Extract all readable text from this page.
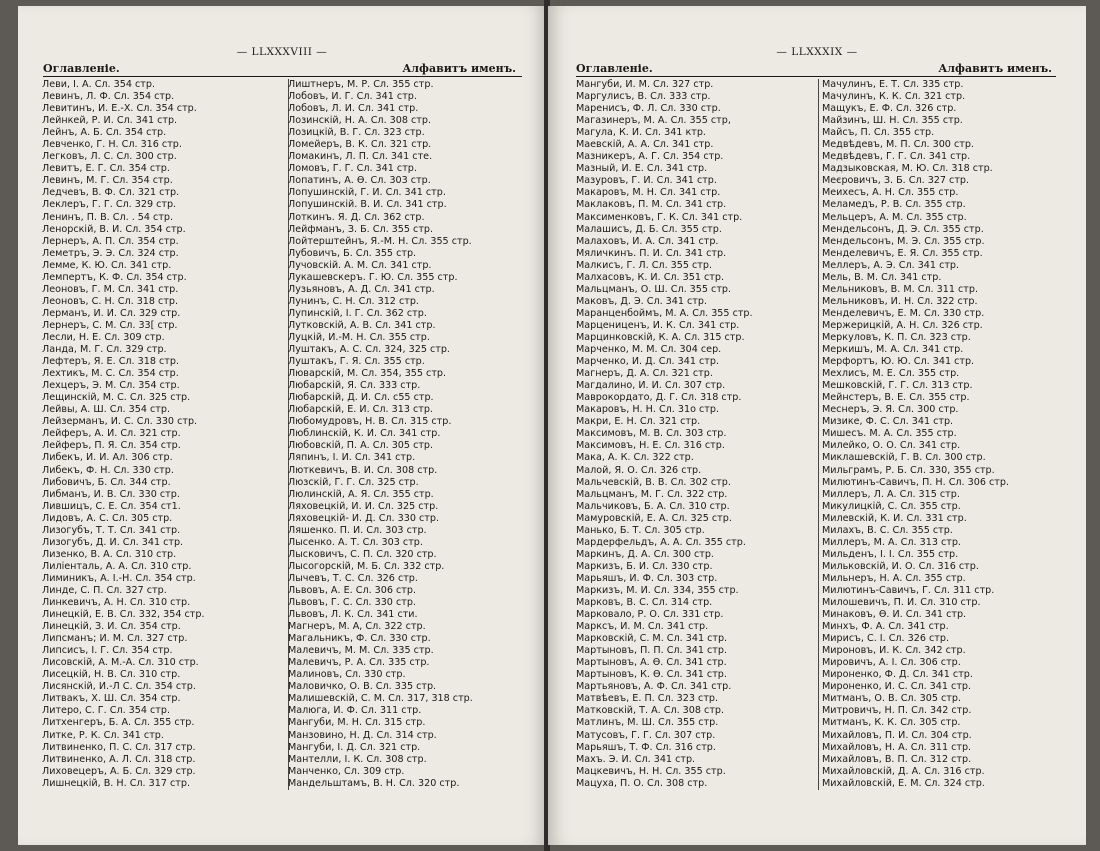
— LLXXXVIII —
Оглавленіе.	Алфавитъ именъ.
Леви, І. А. Сл. 354 стр.
Левинъ, Л. Ф. Сл. 354 стр.
Левитинъ, И. Е.-Х. Сл. 354 стр.
Лейнкей, Р. И. Сл. 341 стр.
Лейнъ, А. Б. Сл. 354 стр.
Левченко, Г. Н. Сл. 316 стр.
Легковъ, Л. С. Сл. 300 стр.
Левитъ, Е. Г. Сл. 354 стр.
Левинъ, М. Г. Сл. 354 стр.
Ледчевъ, В. Ф. Сл. 321 стр.
Леклеръ, Г. Г. Сл. 329 стр.
Ленинъ, П. В. Сл. . 54 стр.
Ленорскій, В. И. Сл. 354 стр.
Лернеръ, А. П. Сл. 354 стр.
Леметръ, Э. Э. Сл. 324 стр.
Лемме, К. Ю. Сл. 341 стр.
Лемпертъ, К. Ф. Сл. 354 стр.
Леоновъ, Г. М. Сл. 341 стр.
Леоновъ, С. Н. Сл. 318 стр.
Лерманъ, И. И. Сл. 329 стр.
Лернеръ, С. М. Сл. 33[ стр.
Лесли, Н. Е. Сл. 309 стр.
Ланда, М. Г. Сл. 329 стр.
Лефтеръ, Я. Е. Сл. 318 стр.
Лехтикъ, М. С. Сл. 354 стр.
Лехцеръ, Э. М. Сл. 354 стр.
Лещинскій, М. С. Сл. 325 стр.
Лейвы, А. Ш. Сл. 354 стр.
Лейзерманъ, И. С. Сл. 330 стр.
Лейферъ, А. И. Сл. 321 стр.
Лейферъ, П. Я. Сл. 354 стр.
Либекъ, И. И. Ал. 306 стр.
Либекъ, Ф. Н. Сл. 330 стр.
Либовичъ, Б. Сл. 344 стр.
Либманъ, И. В. Сл. 330 стр.
Лившицъ, С. Е. Сл. 354 ст1.
Лидовъ, А. С. Сл. 305 стр.
Лизогубъ, Т. Т. Сл. 341 стр.
Лизогубъ, Д. И. Сл. 341 стр.
Лизенко, В. А. Сл. 310 стр.
Лиліенталь, А. А. Сл. 310 стр.
Лиминикъ, А. І.-Н. Сл. 354 стр.
Линде, С. П. Сл. 327 стр.
Линкевичъ, А. Н. Сл. 310 стр.
Линецкій, Е. В. Сл. 332, 354 стр.
Линецкій, З. И. Сл. 354 стр.
Липсманъ; И. М. Сл. 327 стр.
Липсисъ, І. Г. Сл. 354 стр.
Лисовскій, А. М.-А. Сл. 310 стр.
Лисецкій, Н. В. Сл. 310 стр.
Лисянскій, И.-Л С. Сл. 354 стр.
Литвакъ, Х. Ш. Сл. 354 стр.
Литеро, С. Г. Сл. 354 стр.
Литхенгеръ, Б. А. Сл. 355 стр.
Литке, Р. К. Сл. 341 стр.
Литвиненко, П. С. Сл. 317 стр.
Литвиненко, А. Л. Сл. 318 стр.
Лиховецеръ, А. Б. Сл. 329 стр.
Лишнецкій, В. Н. Сл. 317 стр.
Лиштнеръ, М. Р. Сл. 355 стр.
Лобовъ, И. Г. Сл. 341 стр.
Лобовъ, Л. И. Сл. 341 стр.
Лозинскій, Н. А. Сл. 308 стр.
Лозицкій, В. Г. Сл. 323 стр.
Ломейеръ, В. К. Сл. 321 стр.
Ломакинъ, Л. П. Сл. 341 сте.
Ломовъ, Г. Г. Сл. 341 стр.
Лопатинъ, А. Ѳ. Сл. 303 стр.
Лопушинскій, Г. И. Сл. 341 стр.
Лопушинскій. В. И. Сл. 341 стр.
Лоткинъ. Я. Д. Сл. 362 стр.
Лейфманъ, З. Б. Сл. 355 стр.
Лойтерштейнъ, Я.-М. Н. Сл. 355 стр.
Лубовичъ, Б. Сл. 355 стр.
Лучовскій. А. М. Сл. 341 стр.
Лукашевскеръ. Г. Ю. Сл. 355 стр.
Лузьяновъ, А. Д. Сл. 341 стр.
Лунинъ, С. Н. Сл. 312 стр.
Лупинскій, І. Г. Сл. 362 стр.
Лутковскій, А. В. Сл. 341 стр.
Луцкій, И.-М. Н. Сл. 355 стр.
Луштакъ, А. С. Сл. 324, 325 стр.
Луштакъ, Г. Я. Сл. 355 стр.
Люварскій, М. Сл. 354, 355 стр.
Любарскій, Я. Сл. 333 стр.
Любарскій, Д. И. Сл. с55 стр.
Любарскій, Е. И. Сл. 313 стр.
Любомудровъ, Н. В. Сл. 315 стр.
Люблинскій, К. И. Сл. 341 стр.
Любовскій, П. А. Сл. 305 стр.
Ляпинъ, І. И. Сл. 341 стр.
Люткевичъ, В. И. Сл. 308 стр.
Люзскій, Г. Г. Сл. 325 стр.
Люлинскій, А. Я. Сл. 355 стр.
Ляховецкій, И. И. Сл. 325 стр.
Ляховецкій- И. Д. Сл. 330 стр.
Ляшенко. П. И. Сл. 303 стр.
Лысенко. А. Т. Сл. 303 стр.
Лысковичъ, С. П. Сл. 320 стр.
Лысогорскій, М. Б. Сл. 332 стр.
Лычевъ, Т. С. Сл. 326 стр.
Львовъ, А. Е. Сл. 306 стр.
Львовъ, Г. С. Сл. 330 стр.
Львовъ, Л. К. Сл. 341 сти.
Магнеръ, М. А, Сл. 322 стр.
Магальникъ, Ф. Сл. 330 стр.
Малевичъ, М. М. Сл. 335 стр.
Малевичъ, Р. А. Сл. 335 стр.
Малиновъ, Сл. 330 стр.
Маловичко, О. В. Сл. 335 стр.
Малишевскій, С. М. Сл. 317, 318 стр.
Малюга, И. Ф. Сл. 311 стр.
Мангуби, М. Н. Сл. 315 стр.
Манзовино, Н. Д. Сл. 314 стр.
Мангуби, І. Д. Сл. 321 стр.
Мантелли, І. К. Сл. 308 стр.
Манченко, Сл. 309 стр.
Мандельштамъ, В. Н. Сл. 320 стр.
— LLXXXIX —
Оглавленіе.	Алфавитъ именъ.
Мангуби, И. М. Сл. 327 стр.
Маргулисъ, В. Сл. 333 стр.
Маренисъ, Ф. Л. Сл. 330 стр.
Магазинеръ, М. А. Сл. 355 стр,
Магула, К. И. Сл. 341 ктр.
Маевскій, А. А. Сл. 341 стр.
Мазникеръ, А. Г. Сл. 354 стр.
Мазный, И. Е. Сл. 341 стр.
Мазуровъ, Г. И. Сл. 341 стр.
Макаровъ, М. Н. Сл. 341 стр.
Маклаковъ, П. М. Сл. 341 стр.
Максименковъ, Г. К. Сл. 341 стр.
Малашисъ, Д. Б. Сл. 355 стр.
Малаховъ, И. А. Сл. 341 стр.
Мяличкинъ. П. И. Сл. 341 стр.
Малкисъ, Г. Л. Сл. 355 стр.
Малхасовъ, К. И. Сл. 351 стр.
Мальцманъ, О. Ш. Сл. 355 стр.
Маковъ, Д. Э. Сл. 341 стр.
Маранценбоймъ, М. А. Сл. 355 стр.
Марценицен‍ъ, И. К. Сл. 341 стр.
Марцинковскій, К. А. Сл. 315 стр.
Марченко, М. М. Сл. 304 сер.
Марченко, И. Д. Сл. 341 стр.
Магнеръ, Д. А. Сл. 321 стр.
Магдалино, И. И. Сл. 307 стр.
Маврокордато, Д. Г. Сл. 318 стр.
Макаровъ, Н. Н. Сл. 31о стр.
Макри, Е. Н. Сл. 321 стр.
Максимовъ, М. В. Сл. 303 стр.
Максимовъ, Н. Е. Сл. 316 стр.
Мака, А. К. Сл. 322 стр.
Малой, Я. О. Сл. 326 стр.
Мальчевскій, В. В. Сл. 302 стр.
Мальцманъ, М. Г. Сл. 322 стр.
Мальчиковъ, Б. А. Сл. 310 стр.
Мамуровскій, Е. А. Сл. 325 стр.
Манько, Б. Т. Сл. 305 стр.
Мардерфельдъ, А. А. Сл. 355 стр.
Маркинъ, Д. А. Сл. 300 стр.
Маркизъ, Б. И. Сл. 330 стр.
Марьяшъ, И. Ф. Сл. 303 стр.
Маркизъ, М. И. Сл. 334, 355 стр.
Марковъ, В. С. Сл. 314 стр.
Марковало, Р. О. Сл. 331 стр.
Марксъ, И. М. Сл. 341 стр.
Марковскій, С. М. Сл. 341 стр.
Мартыновъ, П. П. Сл. 341 стр.
Мартыновъ, А. Ѳ. Сл. 341 стр.
Мартыновъ, К. Ѳ. Сл. 341 стр.
Мартьяновъ, А. Ф. Сл. 341 стр.
Матвѣевъ, Е. П. Сл. 323 стр.
Матковскій, Т. А. Сл. 308 стр.
Матлинъ, М. Ш. Сл. 355 стр.
Матусовъ, Г. Г. Сл. 307 стр.
Марьяшъ, Т. Ф. Сл. 316 стр.
Махъ. Э. И. Сл. 341 стр.
Мацкевичъ, Н. Н. Сл. 355 стр.
Мацуха, П. О. Сл. 308 стр.
Мачулинъ, Е. Т. Сл. 335 стр.
Мачулинъ, К. К. Сл. 321 стр.
Мащукъ, Е. Ф. Сл. 326 стр.
Майзинъ, Ш. Н. Сл. 355 стр.
Майсъ, П. Сл. 355 стр.
Медвѣдевъ, М. П. Сл. 300 стр.
Медвѣдевъ, Г. Г. Сл. 341 стр.
Мадзыковская, М. Ю. Сл. 318 стр.
Меєровичъ, З. Б. Сл. 327 стр.
Меихесъ, А. Н. Сл. 355 стр.
Меламедъ, Р. В. Сл. 355 стр.
Мельцеръ, А. М. Сл. 355 стр.
Мендельсонъ, Д. Э. Сл. 355 стр.
Мендельсонъ, М. Э. Сл. 355 стр.
Менделевичъ, Е. Я. Сл. 355 стр.
Мелле‍ръ, А. Э. Сл. 341 стр.
Мель, В. М. Сл. 341 стр.
Мельниковъ, В. М. Сл. 311 стр.
Мельниковъ, И. Н. Сл. 322 стр.
Менделевичъ, Е. М. Сл. 330 стр.
Мержерицкій, А. Н. Сл. 326 стр.
Меркуловъ, К. П. Сл. 323 стр.
Меркишъ, М. А. Сл. 341 стр.
Мерфортъ, Ю. Ю. Сл. 341 стр.
Мехлисъ, М. Е. Сл. 355 стр.
Мешковскій, Г. Г. Сл. 313 стр.
Мейнстеръ, В. Е. Сл. 355 стр.
Меснеръ, Э. Я. Сл. 300 стр.
Мизике, Ф. С. Сл. 341 стр.
Мишесъ. М. А. Сл. 355 стр.
Милейко, О. О. Сл. 341 стр.
Миклашевскій, Г. В. Сл. 300 стр.
Мильграмъ, Р. Б. Сл. 330, 355 стр.
Милютинъ-Савичъ, П. Н. Сл. 306 стр.
Миллеръ, Л. А. Сл. 315 стр.
Микулицкій, С. Сл. 355 стр.
Милевскій, К. И. Сл. 331 стр.
Милахъ, В. С. Сл. 355 стр.
Миллеръ, М. А. Сл. 313 стр.
Мильденъ, І. І. Сл. 355 стр.
Мильковскій, И. О. Сл. 316 стр.
Мильнеръ, Н. А. Сл. 355 стр.
Милютинъ-Савичъ, Г. Сл. 311 стр.
Милошевичъ, П. И. Сл. 310 стр.
Минаковъ, Ѳ. И. Сл. 341 стр.
Минхъ, Ф. А. Сл. 341 стр.
Мирисъ, С. І. Сл. 326 стр.
Мироновъ, И. К. Сл. 342 стр.
Мировичъ, А. І. Сл. 306 стр.
Мироненко, Ф. Д. Сл. 341 стр.
Мироненко, И. С. Сл. 341 стр.
Митманъ, О. В. Сл. 305 стр.
Митровичъ, Н. П. Сл. 342 стр.
Митманъ, К. К. Сл. 305 стр.
Михайловъ, П. И. Сл. 304 стр.
Михайловъ, Н. А. Сл. 311 стр.
Михайловъ, В. П. Сл. 312 стр.
Михайловскій, Д. А. Сл. 316 стр.
Михайловскій, Е. М. Сл. 324 стр.
